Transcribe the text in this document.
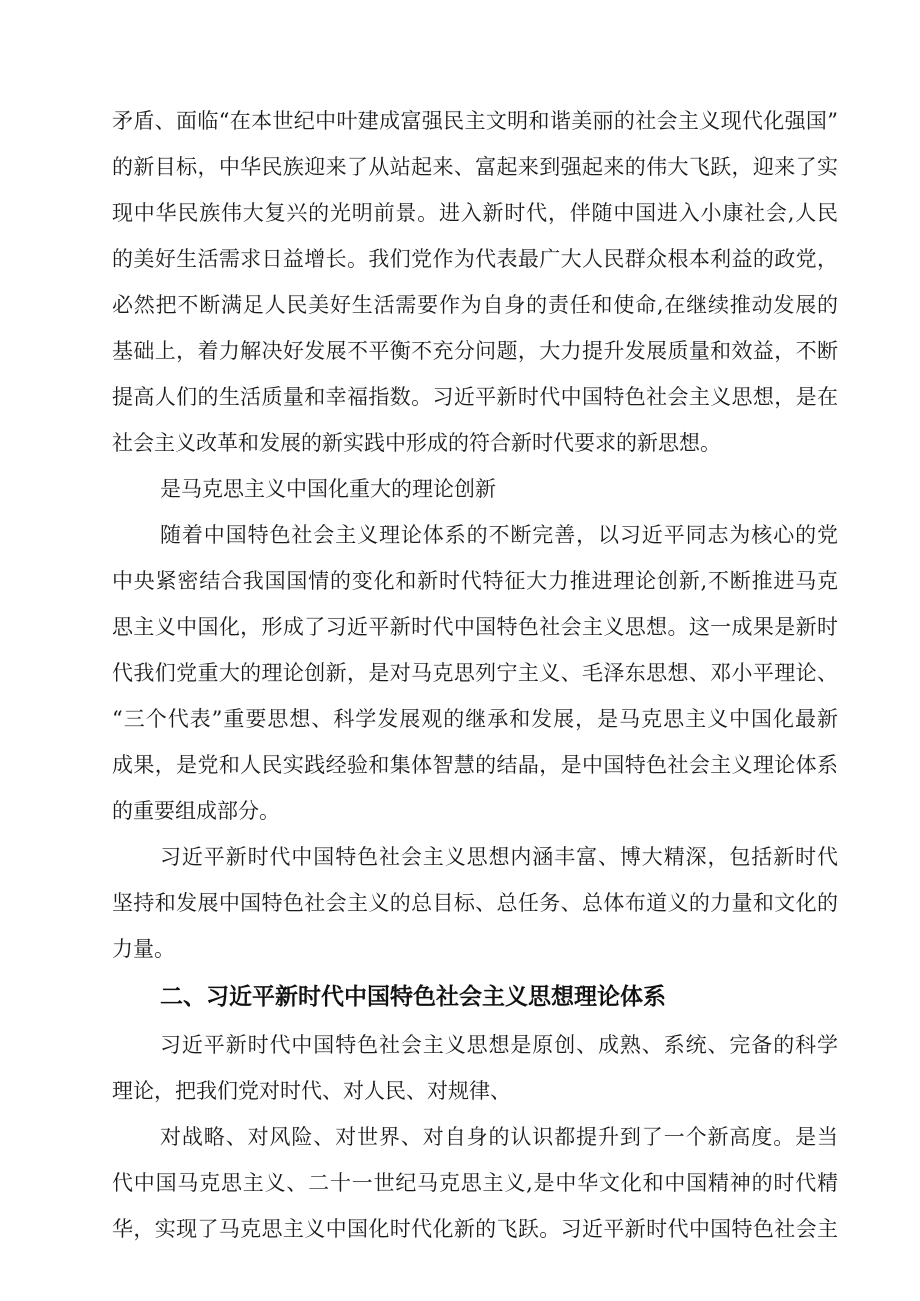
矛盾、面临“在本世纪中叶建成富强民主文明和谐美丽的社会主义现代化强国”
的新目标，中华民族迎来了从站起来、富起来到强起来的伟大飞跃，迎来了实
现中华民族伟大复兴的光明前景。进入新时代，伴随中国进入小康社会,人民
的美好生活需求日益增长。我们党作为代表最广大人民群众根本利益的政党，
必然把不断满足人民美好生活需要作为自身的责任和使命,在继续推动发展的
基础上，着力解决好发展不平衡不充分问题，大力提升发展质量和效益，不断
提高人们的生活质量和幸福指数。习近平新时代中国特色社会主义思想，是在
社会主义改革和发展的新实践中形成的符合新时代要求的新思想。
是马克思主义中国化重大的理论创新
随着中国特色社会主义理论体系的不断完善，以习近平同志为核心的党
中央紧密结合我国国情的变化和新时代特征大力推进理论创新,不断推进马克
思主义中国化，形成了习近平新时代中国特色社会主义思想。这一成果是新时
代我们党重大的理论创新，是对马克思列宁主义、毛泽东思想、邓小平理论、
“三个代表”重要思想、科学发展观的继承和发展，是马克思主义中国化最新
成果，是党和人民实践经验和集体智慧的结晶，是中国特色社会主义理论体系
的重要组成部分。
习近平新时代中国特色社会主义思想内涵丰富、博大精深，包括新时代
坚持和发展中国特色社会主义的总目标、总任务、总体布道义的力量和文化的
力量。
二、习近平新时代中国特色社会主义思想理论体系
习近平新时代中国特色社会主义思想是原创、成熟、系统、完备的科学
理论，把我们党对时代、对人民、对规律、
对战略、对风险、对世界、对自身的认识都提升到了一个新高度。是当
代中国马克思主义、二十一世纪马克思主义,是中华文化和中国精神的时代精
华，实现了马克思主义中国化时代化新的飞跃。习近平新时代中国特色社会主
